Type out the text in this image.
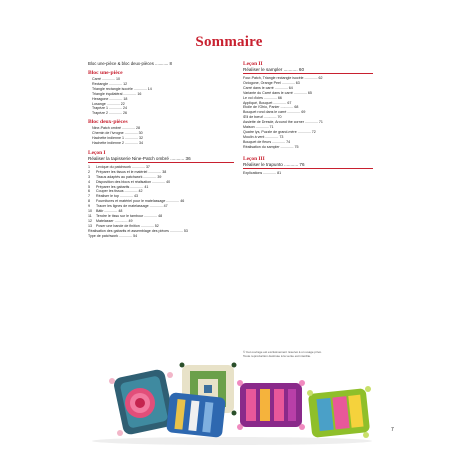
Sommaire
Bloc une-pièce & bloc deux-pièces ........... 8
Bloc une-pièce
Carré ............. 10
Rectangle ............. 12
Triangle rectangle isocèle ............. 14
Triangle équilatéral ............. 16
Hexagone ............. 18
Losange ............. 22
Trapèze 1 ............. 24
Trapèze 2 ............. 26
Bloc deux-pièces
Nine-Patch ombré ............. 28
Chemin de l'ivrogne ............. 30
Hachette indienne 1 ............. 32
Hachette indienne 2 ............. 34
Leçon I
Réaliser la tapisserie Nine-Patch ombré ........... 36
1 Lexique du patchwork ............. 37
2 Préparer les tissus et le matériel ............. 38
3 Tissus adaptés au patchwork ............. 39
4 Disposition des blocs et réalisation ............. 40
5 Préparer les gabarits ............. 41
6 Couper les tissus ............. 42
7 Réaliser le top ............. 43
8 Fournitures et matériel pour le matelassage ............. 46
9 Tracer les lignes de matelassage ............. 47
10 Bâtir ............. 48
11 Tendre le tissu sur le tambour ............. 48
12 Matelasser ............. 49
13 Poser une bande de finition ............. 52
Réalisation des gabarits et assemblage des pièces ............. 53
Type de patchwork ............. 54
Leçon II
Réaliser le sampler ........... 60
Four-Patch, Triangle rectangle isocèle ............. 62
Octogone, Orange Peel ............. 63
Carré dans le carré ............. 64
Variante du Carré dans le carré ............. 65
Le vol d'oies ............. 66
Appliqué, Bouquet ............. 67
Etoile de l'Ohio, Panier ............. 68
Bouquet rond dans le carré ............. 69
Œil de bœuf ............. 70
Assiette de Dresde, Around the corner ............. 71
Maison ............. 71
Quatre lys, Puzzle de grand-mère ............. 72
Moulin à vent ............. 73
Bouquet de fleurs ............. 74
Réalisation du sampler ............. 75
Leçon III
Réaliser le trapunto ........... 76
Explications ............. 81
© Cet ouvrage est exclusivement réservé à un usage privé.
Toute reproduction destinée à la vente est interdite.
7
